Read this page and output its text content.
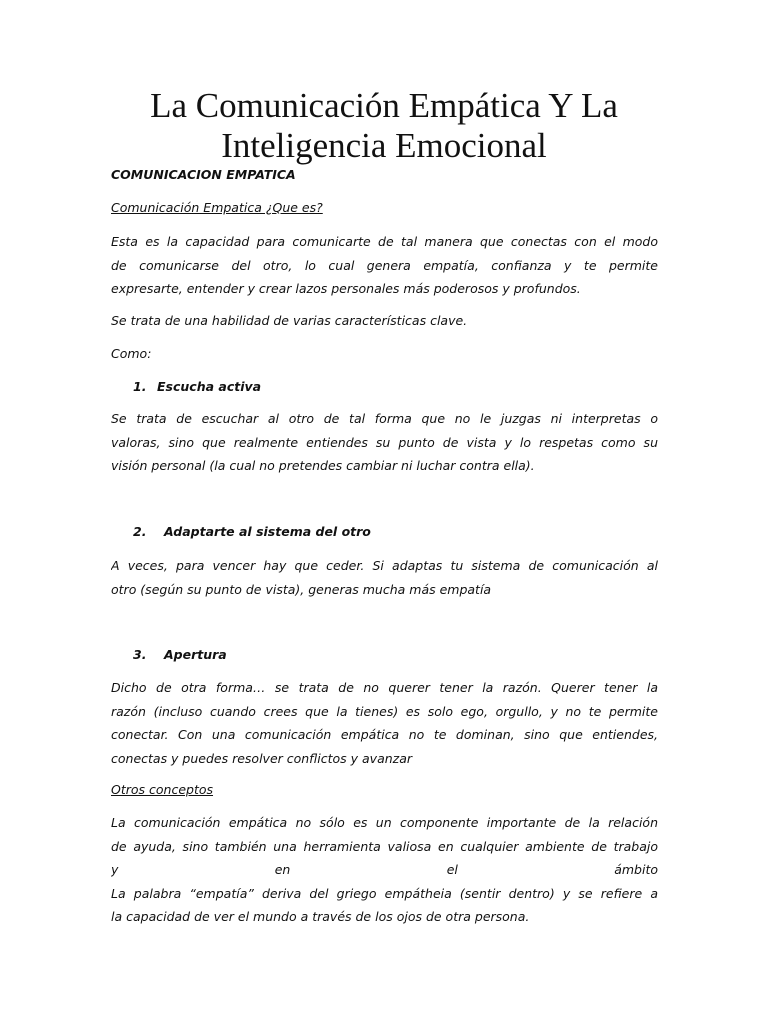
La Comunicación Empática Y La
Inteligencia Emocional
COMUNICACION EMPATICA
Comunicación Empatica ¿Que es?
Esta es la capacidad para comunicarte de tal manera que conectas con el modo
de comunicarse del otro, lo cual genera empatía, confianza y te permite
expresarte, entender y crear lazos personales más poderosos y profundos.
Se trata de una habilidad de varias características clave.
Como:
1. Escucha activa
Se trata de escuchar al otro de tal forma que no le juzgas ni interpretas o
valoras, sino que realmente entiendes su punto de vista y lo respetas como su
visión personal (la cual no pretendes cambiar ni luchar contra ella).
2. Adaptarte al sistema del otro
A veces, para vencer hay que ceder. Si adaptas tu sistema de comunicación al
otro (según su punto de vista), generas mucha más empatía
3. Apertura
Dicho de otra forma… se trata de no querer tener la razón. Querer tener la
razón (incluso cuando crees que la tienes) es solo ego, orgullo, y no te permite
conectar. Con una comunicación empática no te dominan, sino que entiendes,
conectas y puedes resolver conflictos y avanzar
Otros conceptos
La comunicación empática no sólo es un componente importante de la relación
de ayuda, sino también una herramienta valiosa en cualquier ambiente de trabajo
y en el ámbito
La palabra “empatía” deriva del griego empátheia (sentir dentro) y se refiere a
la capacidad de ver el mundo a través de los ojos de otra persona.
